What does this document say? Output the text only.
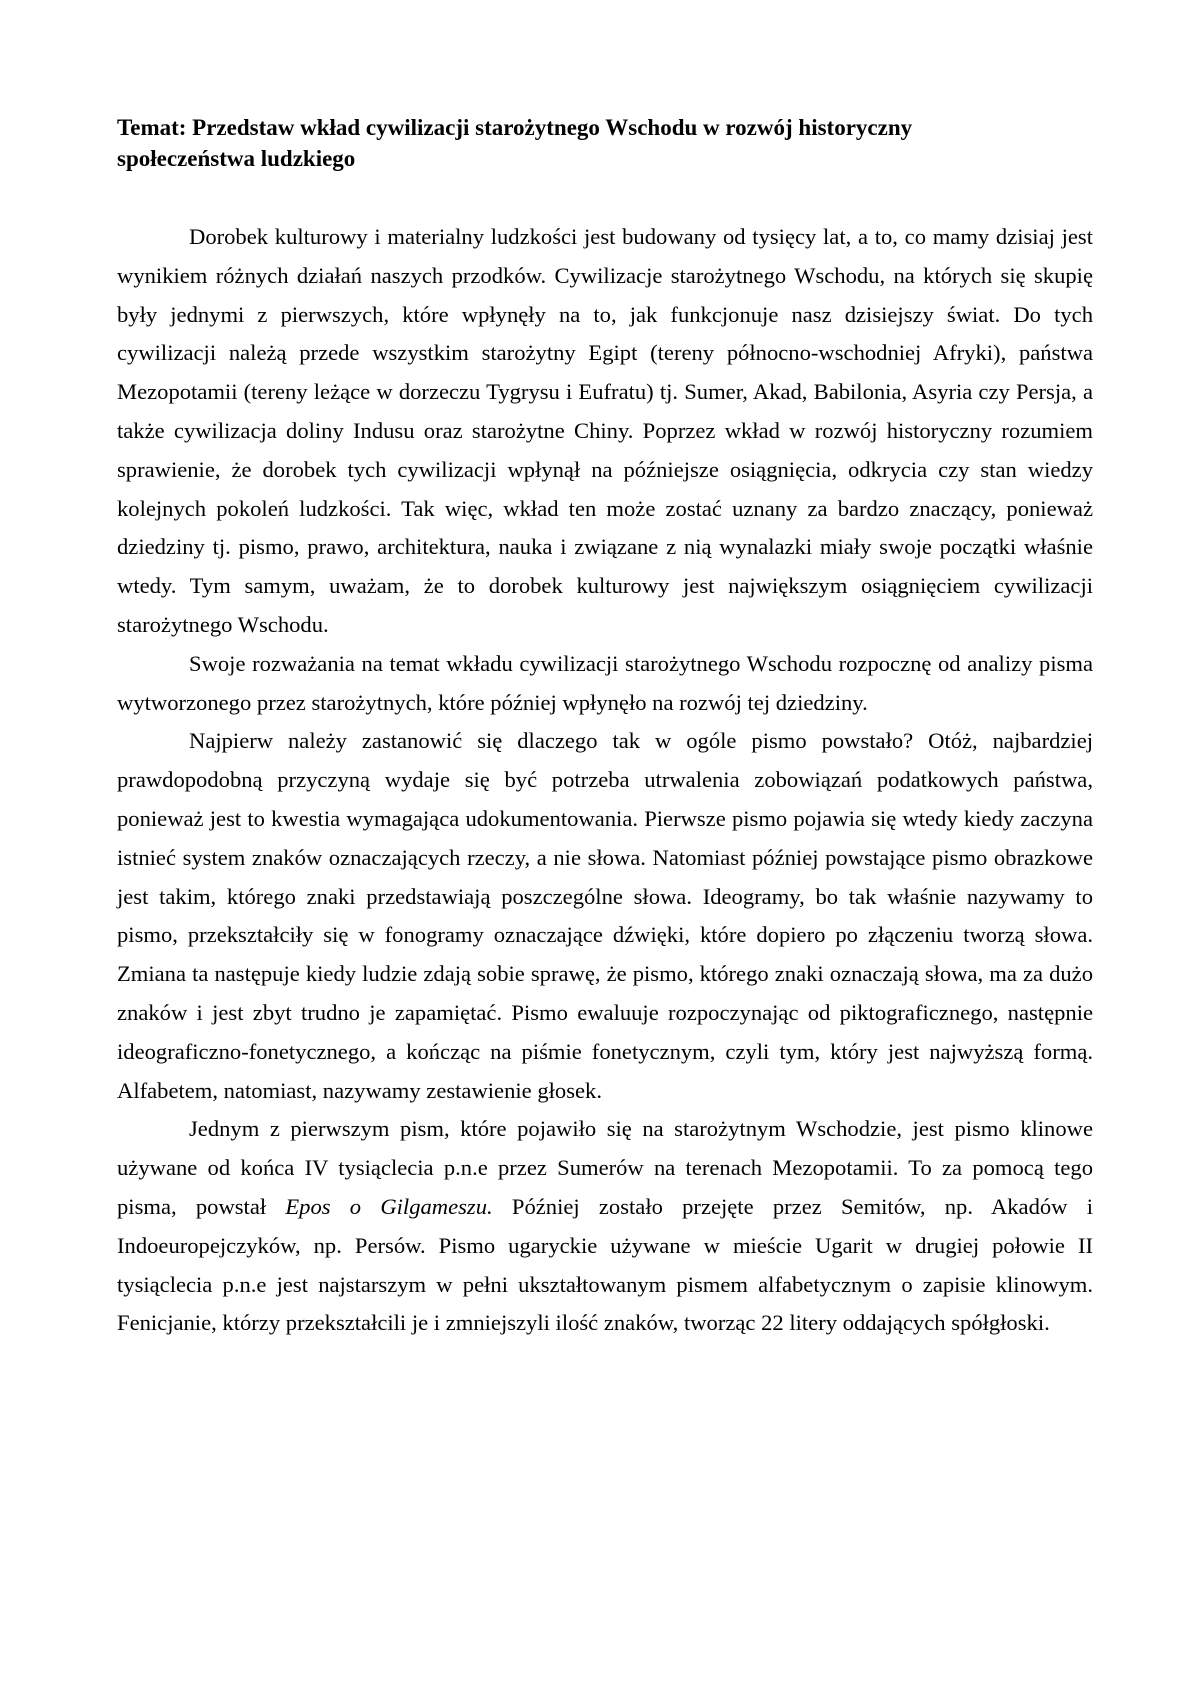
Temat: Przedstaw wkład cywilizacji starożytnego Wschodu w rozwój historyczny społeczeństwa ludzkiego

Dorobek kulturowy i materialny ludzkości jest budowany od tysięcy lat, a to, co mamy dzisiaj jest wynikiem różnych działań naszych przodków. Cywilizacje starożytnego Wschodu, na których się skupię były jednymi z pierwszych, które wpłynęły na to, jak funkcjonuje nasz dzisiejszy świat. Do tych cywilizacji należą przede wszystkim starożytny Egipt (tereny północno-wschodniej Afryki), państwa Mezopotamii (tereny leżące w dorzeczu Tygrysu i Eufratu) tj. Sumer, Akad, Babilonia, Asyria czy Persja, a także cywilizacja doliny Indusu oraz starożytne Chiny. Poprzez wkład w rozwój historyczny rozumiem sprawienie, że dorobek tych cywilizacji wpłynął na późniejsze osiągnięcia, odkrycia czy stan wiedzy kolejnych pokoleń ludzkości. Tak więc, wkład ten może zostać uznany za bardzo znaczący, ponieważ dziedziny tj. pismo, prawo, architektura, nauka i związane z nią wynalazki miały swoje początki właśnie wtedy. Tym samym, uważam, że to dorobek kulturowy jest największym osiągnięciem cywilizacji starożytnego Wschodu.

Swoje rozważania na temat wkładu cywilizacji starożytnego Wschodu rozpocznę od analizy pisma wytworzonego przez starożytnych, które później wpłynęło na rozwój tej dziedziny.

Najpierw należy zastanowić się dlaczego tak w ogóle pismo powstało? Otóż, najbardziej prawdopodobną przyczyną wydaje się być potrzeba utrwalenia zobowiązań podatkowych państwa, ponieważ jest to kwestia wymagająca udokumentowania. Pierwsze pismo pojawia się wtedy kiedy zaczyna istnieć system znaków oznaczających rzeczy, a nie słowa. Natomiast później powstające pismo obrazkowe jest takim, którego znaki przedstawiają poszczególne słowa. Ideogramy, bo tak właśnie nazywamy to pismo, przekształciły się w fonogramy oznaczające dźwięki, które dopiero po złączeniu tworzą słowa. Zmiana ta następuje kiedy ludzie zdają sobie sprawę, że pismo, którego znaki oznaczają słowa, ma za dużo znaków i jest zbyt trudno je zapamiętać. Pismo ewaluuje rozpoczynając od piktograficznego, następnie ideograficzno-fonetycznego, a kończąc na piśmie fonetycznym, czyli tym, który jest najwyższą formą. Alfabetem, natomiast, nazywamy zestawienie głosek.

Jednym z pierwszym pism, które pojawiło się na starożytnym Wschodzie, jest pismo klinowe używane od końca IV tysiąclecia p.n.e przez Sumerów na terenach Mezopotamii. To za pomocą tego pisma, powstał Epos o Gilgameszu. Później zostało przejęte przez Semitów, np. Akadów i Indoeuropejczyków, np. Persów. Pismo ugaryckie używane w mieście Ugarit w drugiej połowie II tysiąclecia p.n.e jest najstarszym w pełni ukształtowanym pismem alfabetycznym o zapisie klinowym. Fenicjanie, którzy przekształcili je i zmniejszyli ilość znaków, tworząc 22 litery oddających spółgłoski.
